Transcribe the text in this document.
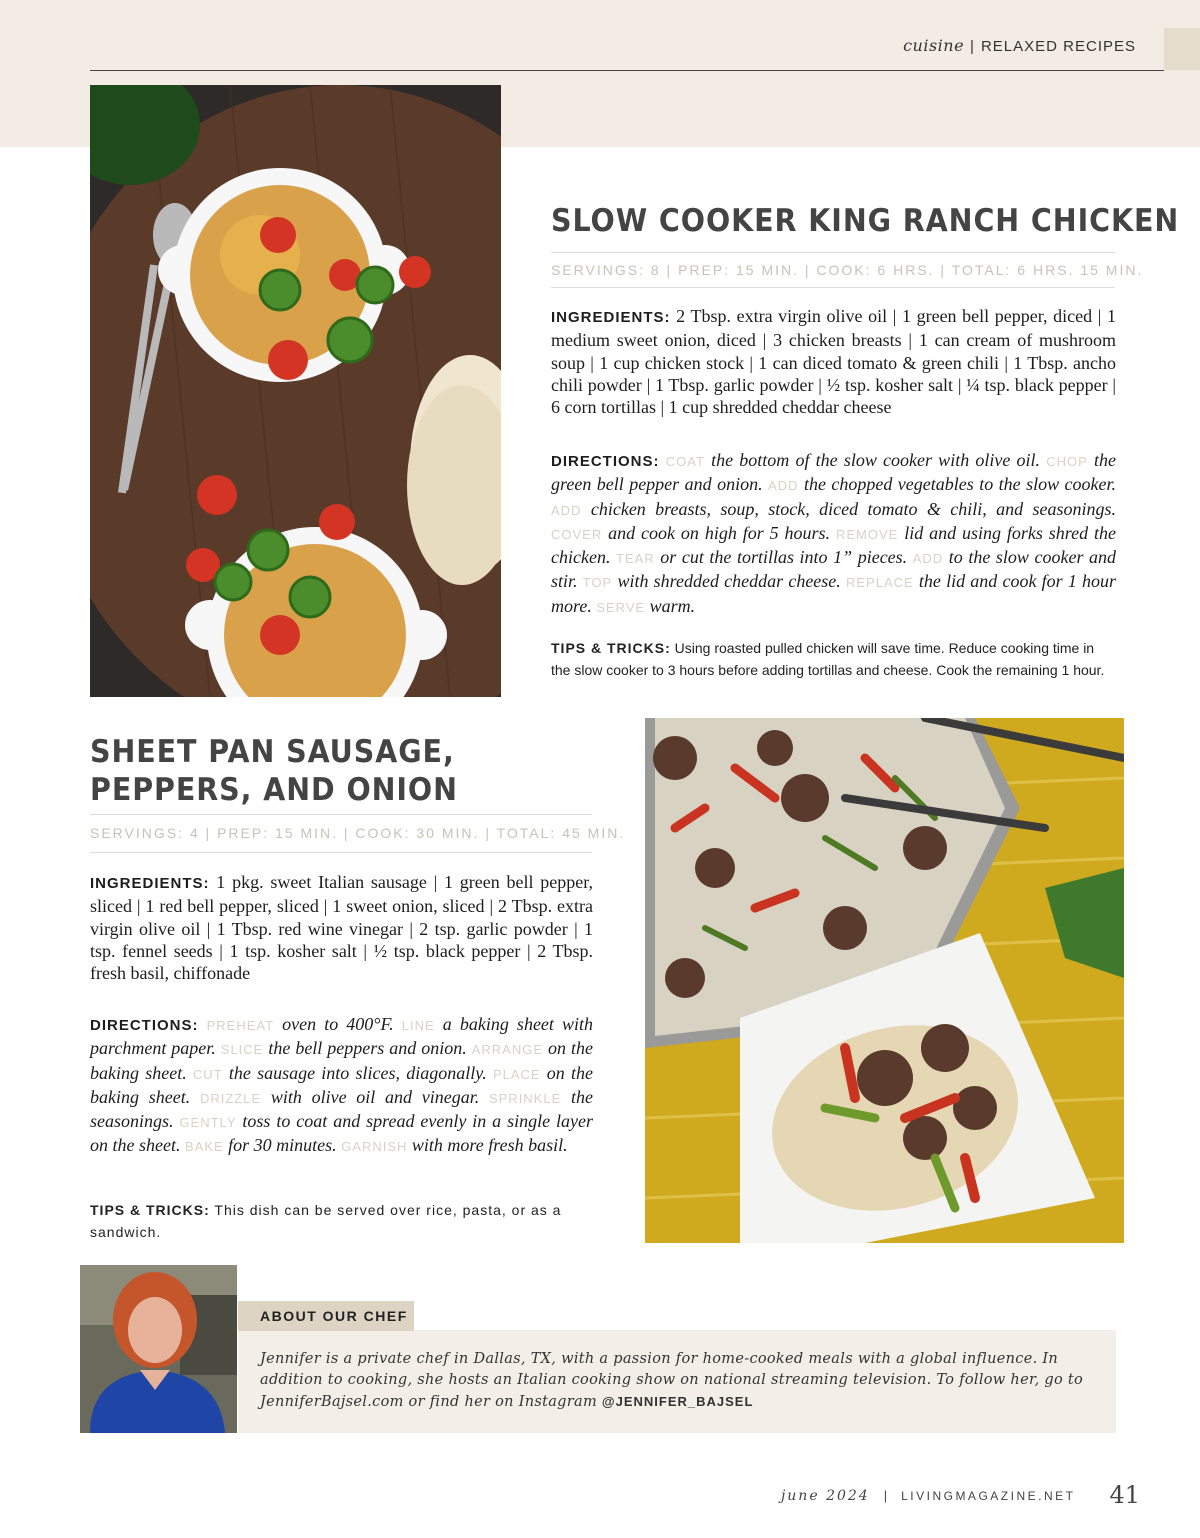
cuisine | RELAXED RECIPES
SLOW COOKER KING RANCH CHICKEN
SERVINGS: 8 | PREP: 15 MIN. | COOK: 6 HRS. | TOTAL: 6 HRS. 15 MIN.
INGREDIENTS: 2 Tbsp. extra virgin olive oil | 1 green bell pepper, diced | 1 medium sweet onion, diced | 3 chicken breasts | 1 can cream of mushroom soup | 1 cup chicken stock | 1 can diced tomato & green chili | 1 Tbsp. ancho chili powder | 1 Tbsp. garlic powder | ½ tsp. kosher salt | ¼ tsp. black pepper | 6 corn tortillas | 1 cup shredded cheddar cheese
DIRECTIONS: COAT the bottom of the slow cooker with olive oil. CHOP the green bell pepper and onion. ADD the chopped vegetables to the slow cooker. ADD chicken breasts, soup, stock, diced tomato & chili, and seasonings. COVER and cook on high for 5 hours. REMOVE lid and using forks shred the chicken. TEAR or cut the tortillas into 1” pieces. ADD to the slow cooker and stir. TOP with shredded cheddar cheese. REPLACE the lid and cook for 1 hour more. SERVE warm.
TIPS & TRICKS: Using roasted pulled chicken will save time. Reduce cooking time in the slow cooker to 3 hours before adding tortillas and cheese. Cook the remaining 1 hour.
SHEET PAN SAUSAGE,
PEPPERS, AND ONION
SERVINGS: 4 | PREP: 15 MIN. | COOK: 30 MIN. | TOTAL: 45 MIN.
INGREDIENTS: 1 pkg. sweet Italian sausage | 1 green bell pepper, sliced | 1 red bell pepper, sliced | 1 sweet onion, sliced | 2 Tbsp. extra virgin olive oil | 1 Tbsp. red wine vinegar | 2 tsp. garlic powder | 1 tsp. fennel seeds | 1 tsp. kosher salt | ½ tsp. black pepper | 2 Tbsp. fresh basil, chiffonade
DIRECTIONS: PREHEAT oven to 400°F. LINE a baking sheet with parchment paper. SLICE the bell peppers and onion. ARRANGE on the baking sheet. CUT the sausage into slices, diagonally. PLACE on the baking sheet. DRIZZLE with olive oil and vinegar. SPRINKLE the seasonings. GENTLY toss to coat and spread evenly in a single layer on the sheet. BAKE for 30 minutes. GARNISH with more fresh basil.
TIPS & TRICKS: This dish can be served over rice, pasta, or as a sandwich.
ABOUT OUR CHEF
Jennifer is a private chef in Dallas, TX, with a passion for home-cooked meals with a global influence. In addition to cooking, she hosts an Italian cooking show on national streaming television. To follow her, go to JenniferBajsel.com or find her on Instagram @JENNIFER_BAJSEL
june 2024 | LIVINGMAGAZINE.NET 41
